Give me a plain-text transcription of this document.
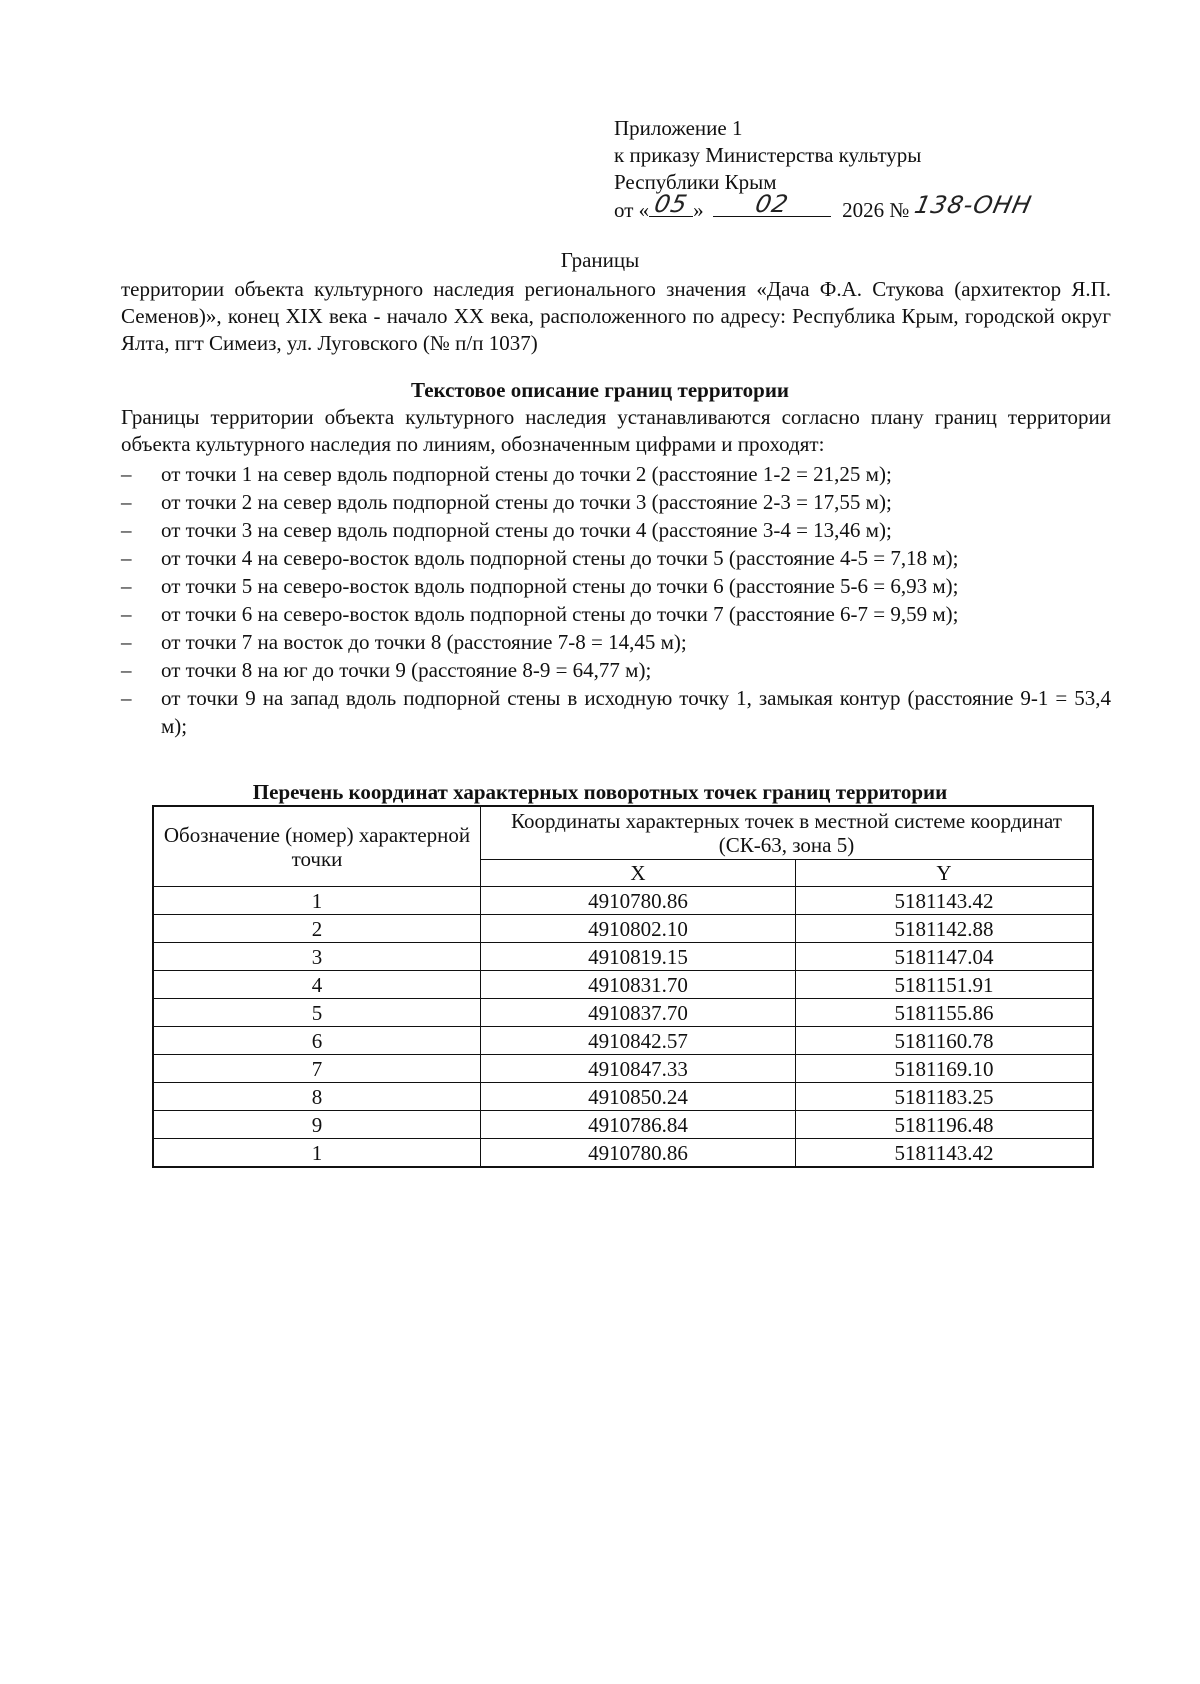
Приложение 1
к приказу Министерства культуры
Республики Крым
от « 05 »	02	2026 № 138-ОНН
Границы
территории объекта культурного наследия регионального значения «Дача Ф.А. Стукова (архитектор Я.П. Семенов)», конец XIX века - начало XX века, расположенного по адресу: Республика Крым, городской округ Ялта, пгт Симеиз, ул. Луговского (№ п/п 1037)
Текстовое описание границ территории
Границы территории объекта культурного наследия устанавливаются согласно плану границ территории объекта культурного наследия по линиям, обозначенным цифрами и проходят:
– от точки 1 на север вдоль подпорной стены до точки 2 (расстояние 1-2 = 21,25 м);
– от точки 2 на север вдоль подпорной стены до точки 3 (расстояние 2-3 = 17,55 м);
– от точки 3 на север вдоль подпорной стены до точки 4 (расстояние 3-4 = 13,46 м);
– от точки 4 на северо-восток вдоль подпорной стены до точки 5 (расстояние 4-5 = 7,18 м);
– от точки 5 на северо-восток вдоль подпорной стены до точки 6 (расстояние 5-6 = 6,93 м);
– от точки 6 на северо-восток вдоль подпорной стены до точки 7 (расстояние 6-7 = 9,59 м);
– от точки 7 на восток до точки 8 (расстояние 7-8 = 14,45 м);
– от точки 8 на юг до точки 9 (расстояние 8-9 = 64,77 м);
– от точки 9 на запад вдоль подпорной стены в исходную точку 1, замыкая контур (расстояние 9-1 = 53,4 м);
Перечень координат характерных поворотных точек границ территории
Обозначение (номер) характерной точки	Координаты характерных точек в местной системе координат (СК-63, зона 5)	
	X	Y
1	4910780.86	5181143.42
2	4910802.10	5181142.88
3	4910819.15	5181147.04
4	4910831.70	5181151.91
5	4910837.70	5181155.86
6	4910842.57	5181160.78
7	4910847.33	5181169.10
8	4910850.24	5181183.25
9	4910786.84	5181196.48
1	4910780.86	5181143.42
